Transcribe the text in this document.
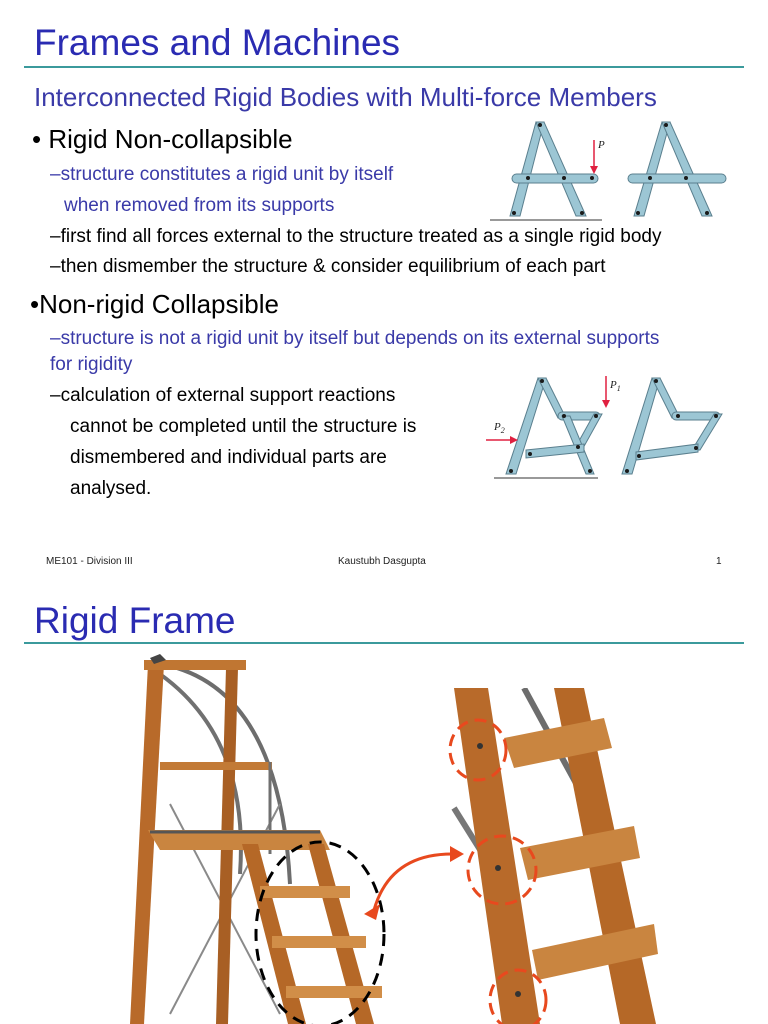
Frames and Machines
Interconnected Rigid Bodies with Multi-force Members
• Rigid Non-collapsible
–structure constitutes a rigid unit by itself
when removed from its supports
–first find all forces external to the structure treated as a single rigid body
–then dismember the structure & consider equilibrium of each part
•Non-rigid Collapsible
–structure is not a rigid unit by itself but depends on its external supports
for rigidity
–calculation of external support reactions
cannot be completed until the structure is
dismembered and individual parts are
analysed.
P
$P_1$
$P_2$
ME101 - Division III	Kaustubh Dasgupta	1
Rigid Frame
